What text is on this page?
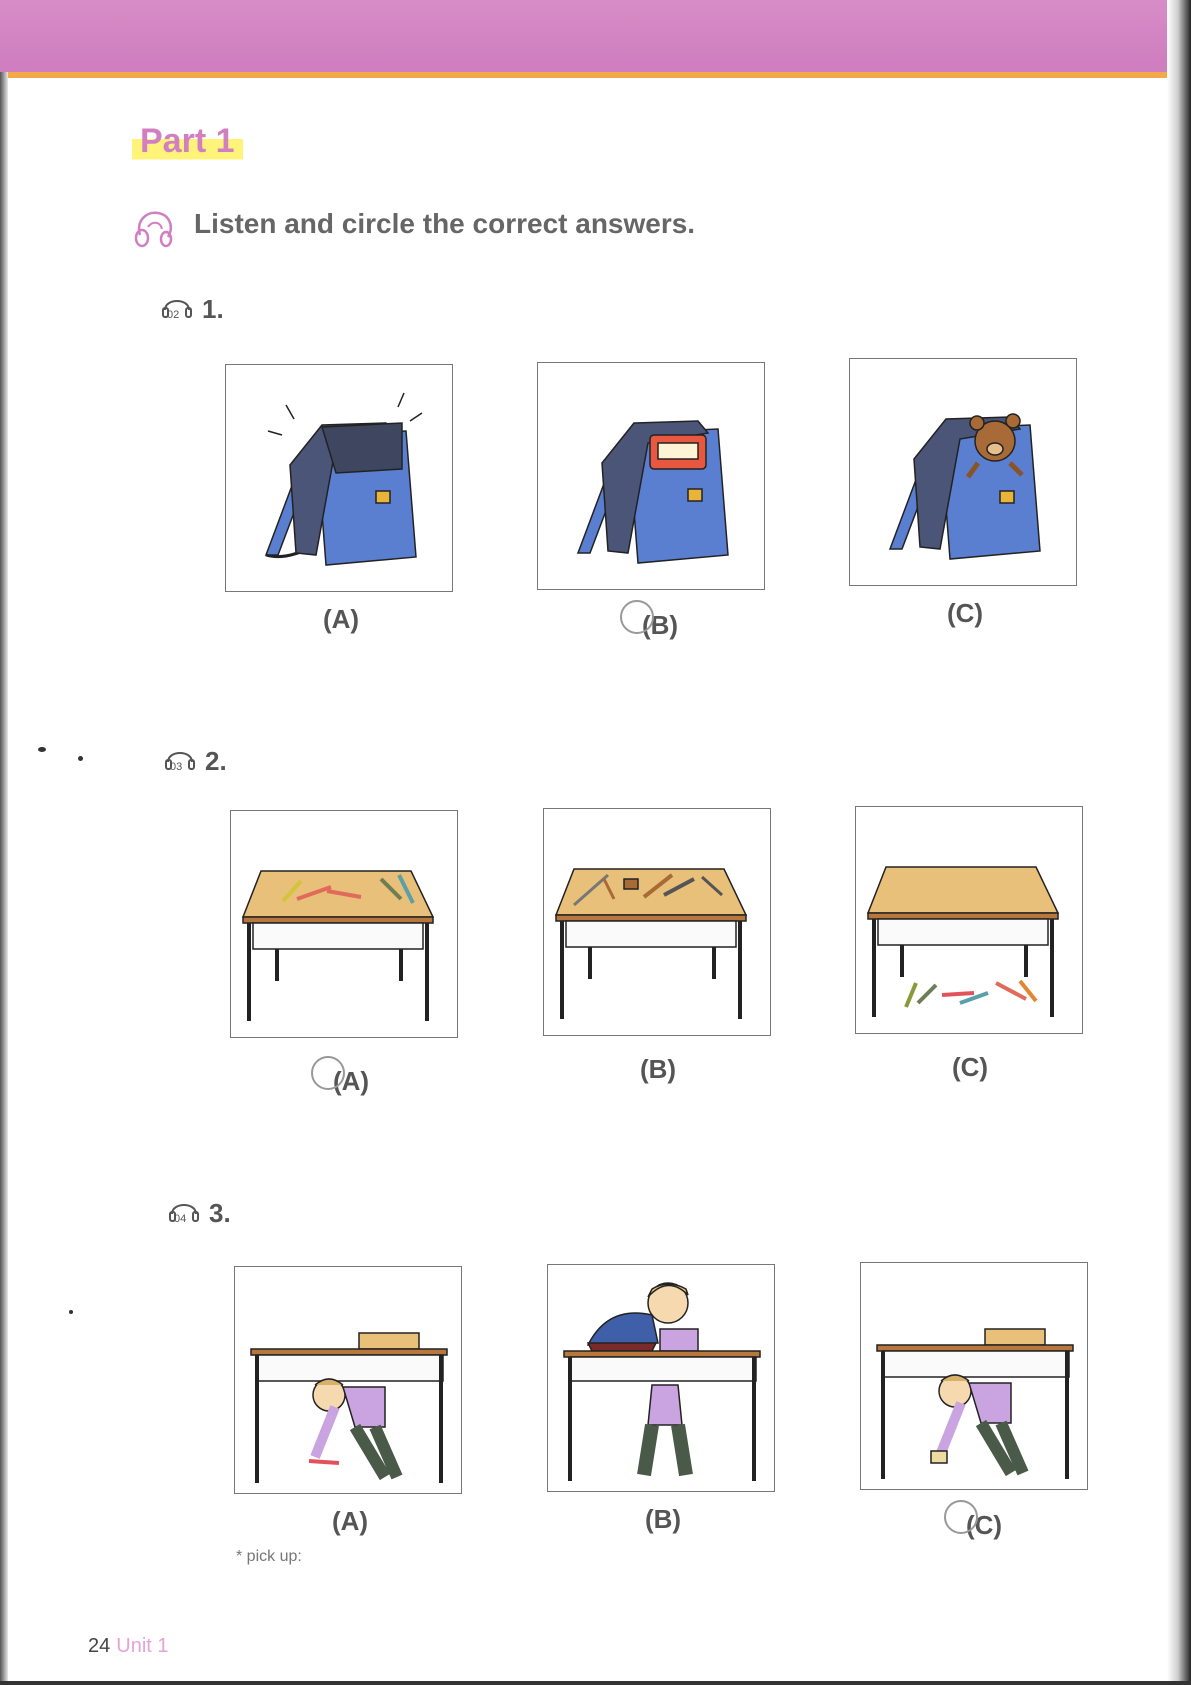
Part 1
Listen and circle the correct answers.
02 1.
(A)	(B)	(C)
03 2.
(A)	(B)	(C)
04 3.
(A)	(B)	(C)
* pick up:
24 Unit 1
